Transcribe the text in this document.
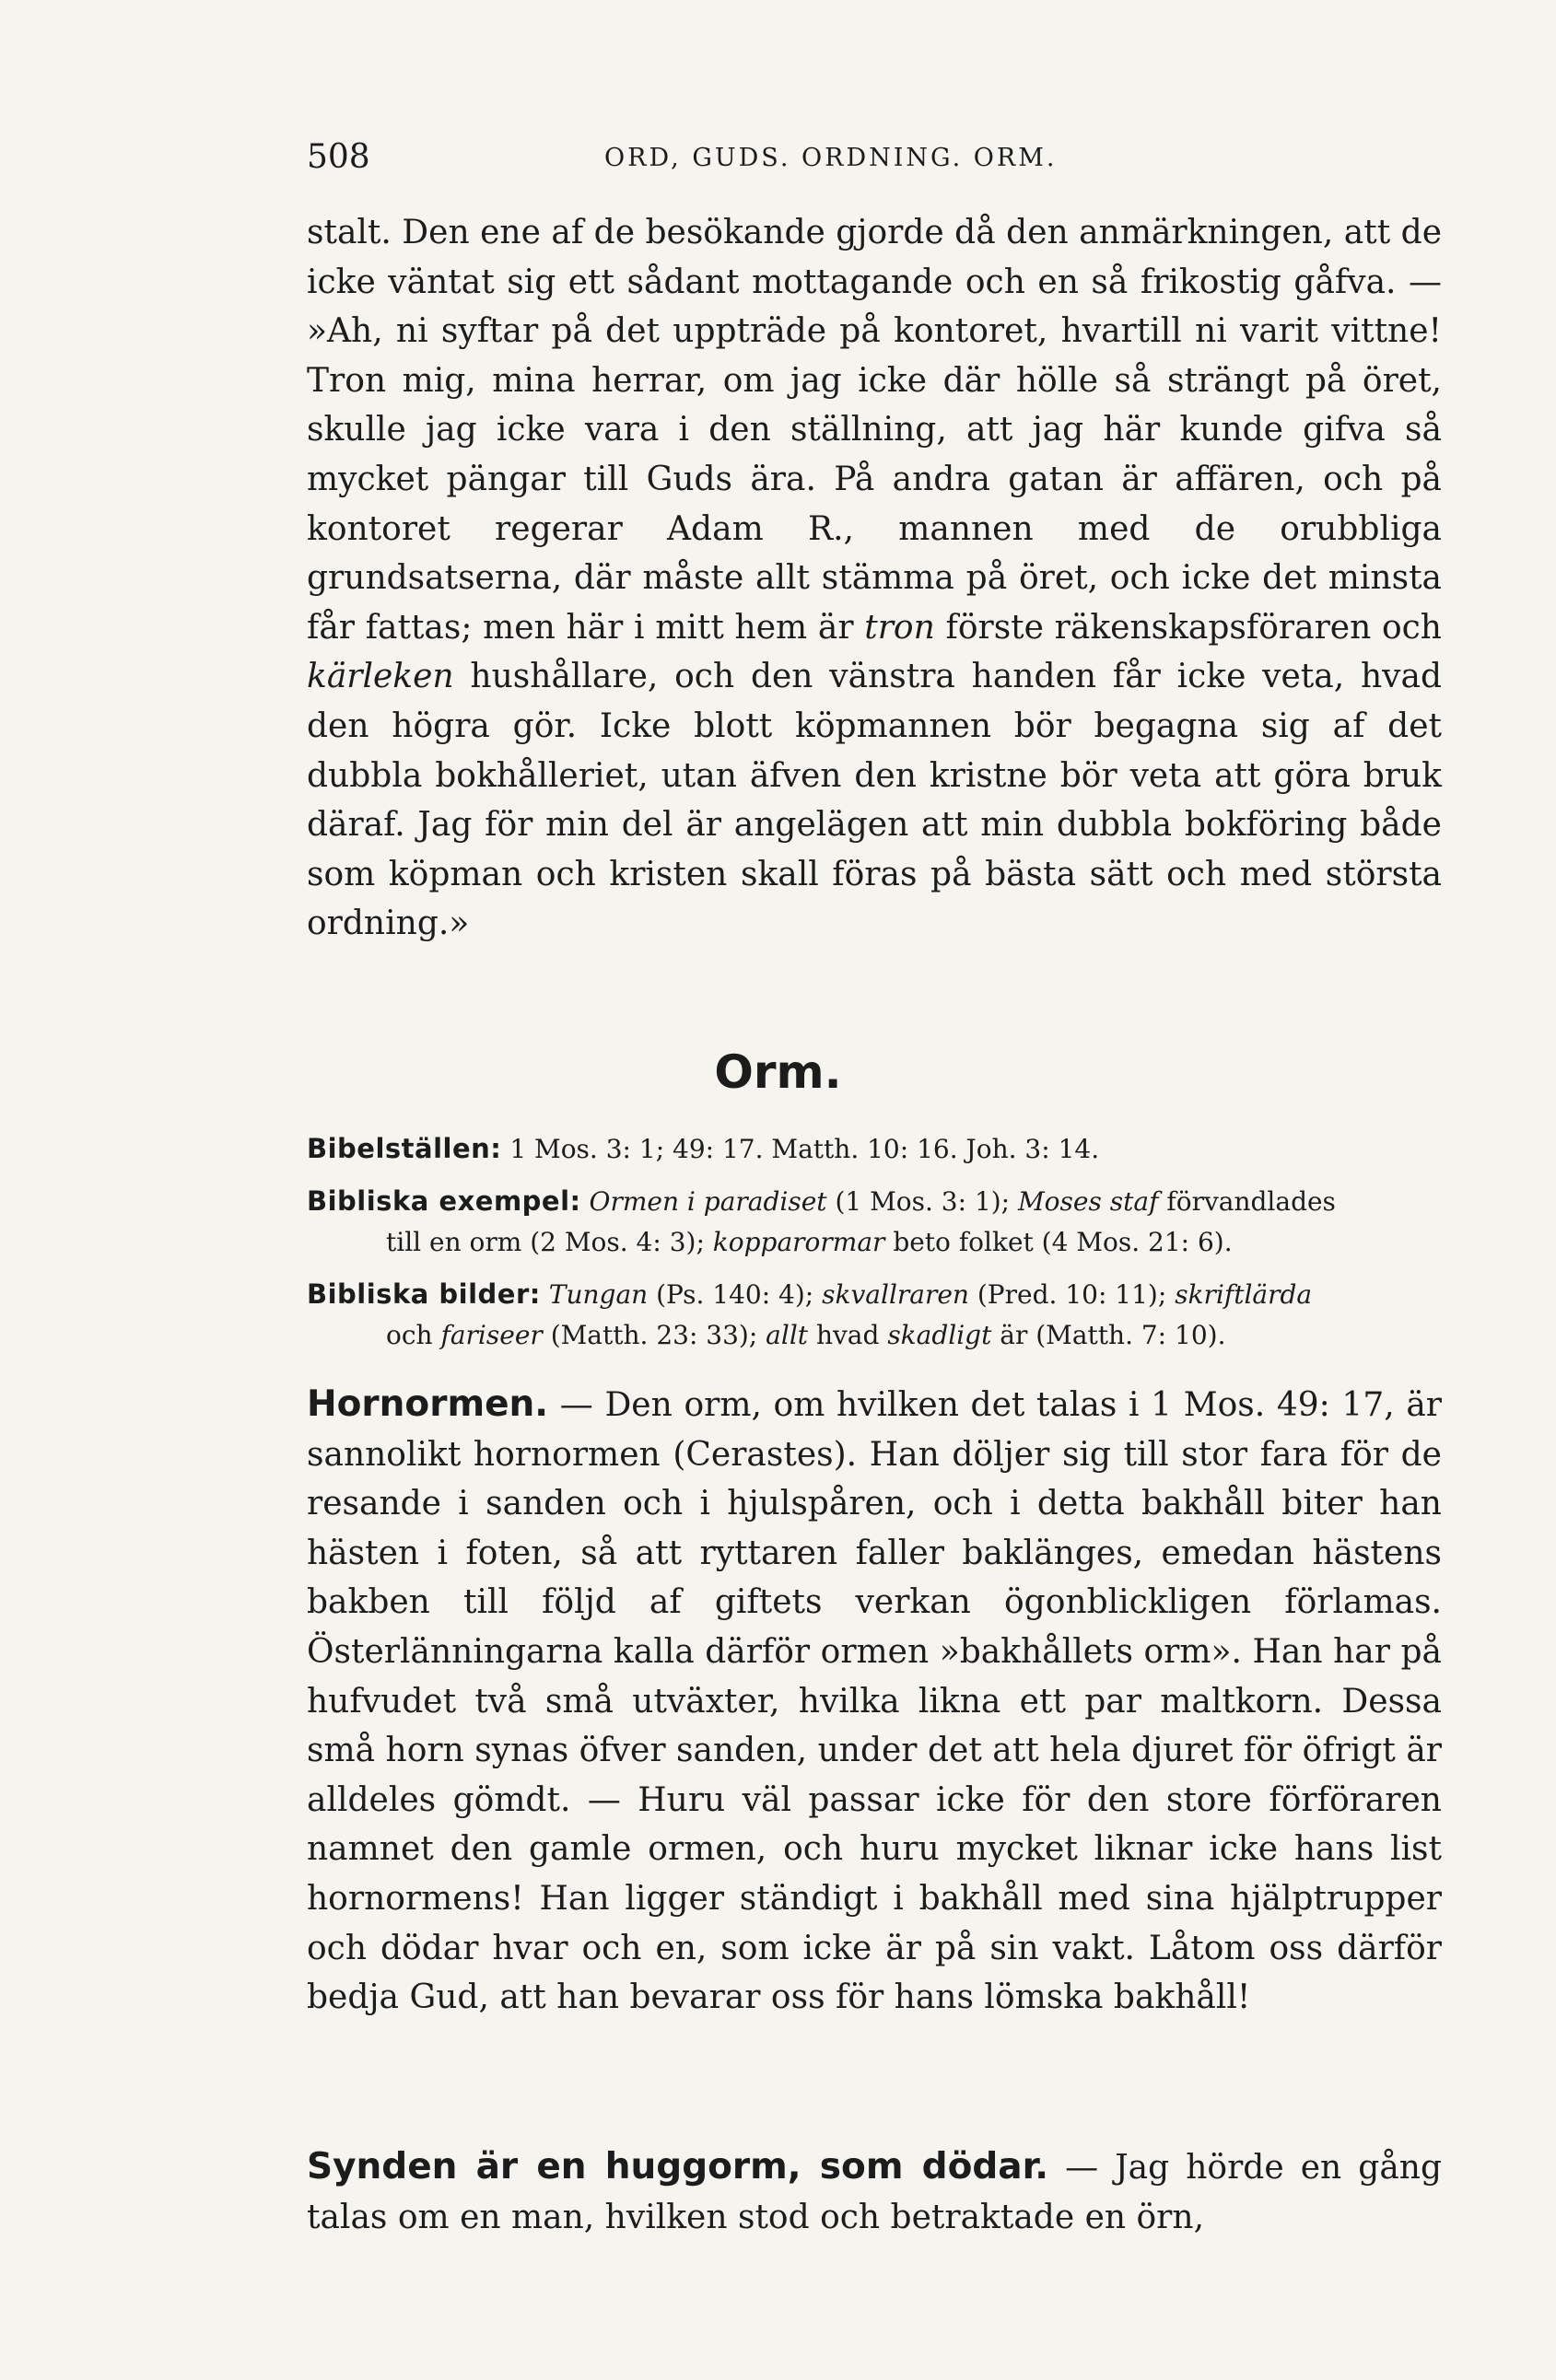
508	ORD, GUDS. ORDNING. ORM.

stalt. Den ene af de besökande gjorde då den anmärkningen, att de icke väntat sig ett sådant mottagande och en så frikostig gåfva. — »Ah, ni syftar på det uppträde på kontoret, hvartill ni varit vittne! Tron mig, mina herrar, om jag icke där hölle så strängt på öret, skulle jag icke vara i den ställning, att jag här kunde gifva så mycket pängar till Guds ära. På andra gatan är affären, och på kontoret regerar Adam R., mannen med de orubbliga grundsatserna, där måste allt stämma på öret, och icke det minsta får fattas; men här i mitt hem är tron förste räkenskapsföraren och kärleken hushållare, och den vänstra handen får icke veta, hvad den högra gör. Icke blott köpmannen bör begagna sig af det dubbla bokhålleriet, utan äfven den kristne bör veta att göra bruk däraf. Jag för min del är angelägen att min dubbla bokföring både som köpman och kristen skall föras på bästa sätt och med största ordning.»

Orm.

Bibelställen: 1 Mos. 3: 1; 49: 17. Matth. 10: 16. Joh. 3: 14.

Bibliska exempel: Ormen i paradiset (1 Mos. 3: 1); Moses staf förvandlades

till en orm (2 Mos. 4: 3); kopparormar beto folket (4 Mos. 21: 6).

Bibliska bilder: Tungan (Ps. 140: 4); skvallraren (Pred. 10: 11); skriftlärda

och fariseer (Matth. 23: 33); allt hvad skadligt är (Matth. 7: 10).

Hornormen. — Den orm, om hvilken det talas i 1 Mos. 49: 17, är sannolikt hornormen (Cerastes). Han döljer sig till stor fara för de resande i sanden och i hjulspåren, och i detta bakhåll biter han hästen i foten, så att ryttaren faller baklänges, emedan hästens bakben till följd af giftets verkan ögonblickligen förlamas. Österlänningarna kalla därför ormen »bakhållets orm». Han har på hufvudet två små utväxter, hvilka likna ett par maltkorn. Dessa små horn synas öfver sanden, under det att hela djuret för öfrigt är alldeles gömdt. — Huru väl passar icke för den store förföraren namnet den gamle ormen, och huru mycket liknar icke hans list hornormens! Han ligger ständigt i bakhåll med sina hjälptrupper och dödar hvar och en, som icke är på sin vakt. Låtom oss därför bedja Gud, att han bevarar oss för hans lömska bakhåll!

Synden är en huggorm, som dödar. — Jag hörde en gång talas om en man, hvilken stod och betraktade en örn,
